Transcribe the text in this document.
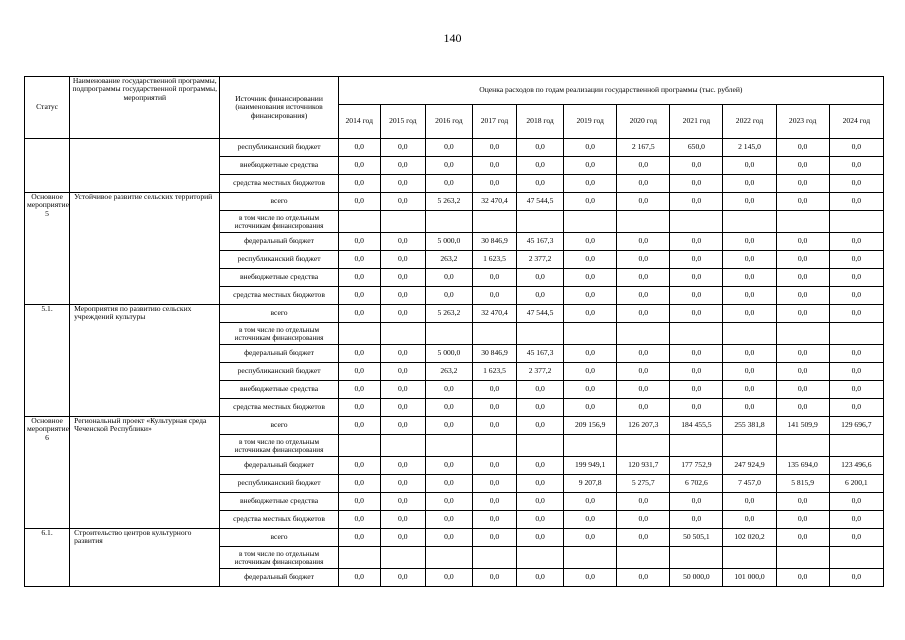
140
Статус	Наименование государственной программы, подпрограммы государственной программы, мероприятий	Источник финансировании (наименования источников финансирования)	Оценка расходов по годам реализации государственной программы (тыс. рублей)										
			2014 год	2015 год	2016 год	2017 год	2018 год	2019 год	2020 год	2021 год	2022 год	2023 год	2024 год
		республиканский бюджет	0,0	0,0	0,0	0,0	0,0	0,0	2 167,5	650,0	2 145,0	0,0	0,0
		внебюджетные средства	0,0	0,0	0,0	0,0	0,0	0,0	0,0	0,0	0,0	0,0	0,0
		средства местных бюджетов	0,0	0,0	0,0	0,0	0,0	0,0	0,0	0,0	0,0	0,0	0,0
Основное мероприятие 5	Устойчивое развитие сельских территорий	всего	0,0	0,0	5 263,2	32 470,4	47 544,5	0,0	0,0	0,0	0,0	0,0	0,0
		в том числе по отдельным источникам финансирования											
		федеральный бюджет	0,0	0,0	5 000,0	30 846,9	45 167,3	0,0	0,0	0,0	0,0	0,0	0,0
		республиканский бюджет	0,0	0,0	263,2	1 623,5	2 377,2	0,0	0,0	0,0	0,0	0,0	0,0
		внебюджетные средства	0,0	0,0	0,0	0,0	0,0	0,0	0,0	0,0	0,0	0,0	0,0
		средства местных бюджетов	0,0	0,0	0,0	0,0	0,0	0,0	0,0	0,0	0,0	0,0	0,0
5.1.	Мероприятия по развитию сельских учреждений культуры	всего	0,0	0,0	5 263,2	32 470,4	47 544,5	0,0	0,0	0,0	0,0	0,0	0,0
		в том числе по отдельным источникам финансирования											
		федеральный бюджет	0,0	0,0	5 000,0	30 846,9	45 167,3	0,0	0,0	0,0	0,0	0,0	0,0
		республиканский бюджет	0,0	0,0	263,2	1 623,5	2 377,2	0,0	0,0	0,0	0,0	0,0	0,0
		внебюджетные средства	0,0	0,0	0,0	0,0	0,0	0,0	0,0	0,0	0,0	0,0	0,0
		средства местных бюджетов	0,0	0,0	0,0	0,0	0,0	0,0	0,0	0,0	0,0	0,0	0,0
Основное мероприятие 6	Региональный проект «Культурная среда Чеченской Республики»	всего	0,0	0,0	0,0	0,0	0,0	209 156,9	126 207,3	184 455,5	255 381,8	141 509,9	129 696,7
		в том числе по отдельным источникам финансирования											
		федеральный бюджет	0,0	0,0	0,0	0,0	0,0	199 949,1	120 931,7	177 752,9	247 924,9	135 694,0	123 496,6
		республиканский бюджет	0,0	0,0	0,0	0,0	0,0	9 207,8	5 275,7	6 702,6	7 457,0	5 815,9	6 200,1
		внебюджетные средства	0,0	0,0	0,0	0,0	0,0	0,0	0,0	0,0	0,0	0,0	0,0
		средства местных бюджетов	0,0	0,0	0,0	0,0	0,0	0,0	0,0	0,0	0,0	0,0	0,0
6.1.	Строительство центров культурного развития	всего	0,0	0,0	0,0	0,0	0,0	0,0	0,0	50 505,1	102 020,2	0,0	0,0
		в том числе по отдельным источникам финансирования											
		федеральный бюджет	0,0	0,0	0,0	0,0	0,0	0,0	0,0	50 000,0	101 000,0	0,0	0,0
